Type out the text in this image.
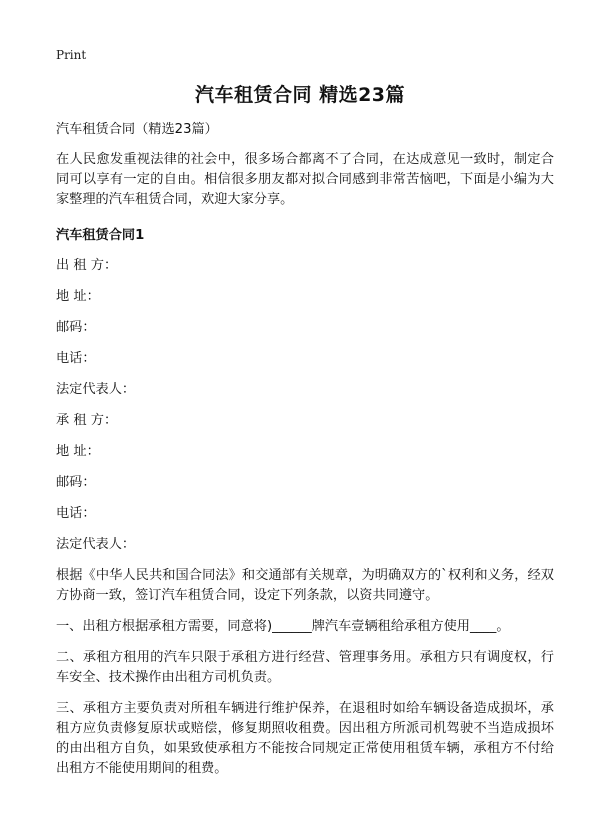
Print
汽车租赁合同 精选23篇

汽车租赁合同（精选23篇）

在人民愈发重视法律的社会中，很多场合都离不了合同，在达成意见一致时，制定合同可以享有一定的自由。相信很多朋友都对拟合同感到非常苦恼吧，下面是小编为大家整理的汽车租赁合同，欢迎大家分享。

汽车租赁合同1

出 租 方：

地 址：

邮码：

电话：

法定代表人：

承 租 方：

地 址：

邮码：

电话：

法定代表人：

根据《中华人民共和国合同法》和交通部有关规章，为明确双方的`权利和义务，经双方协商一致，签订汽车租赁合同，设定下列条款，以资共同遵守。

一、出租方根据承租方需要，同意将)______牌汽车壹辆租给承租方使用____。

二、承租方租用的汽车只限于承租方进行经营、管理事务用。承租方只有调度权，行车安全、技术操作由出租方司机负责。

三、承租方主要负责对所租车辆进行维护保养，在退租时如给车辆设备造成损坏，承租方应负责修复原状或赔偿，修复期照收租费。因出租方所派司机驾驶不当造成损坏的由出租方自负，如果致使承租方不能按合同规定正常使用租赁车辆，承租方不付给出租方不能使用期间的租费。
